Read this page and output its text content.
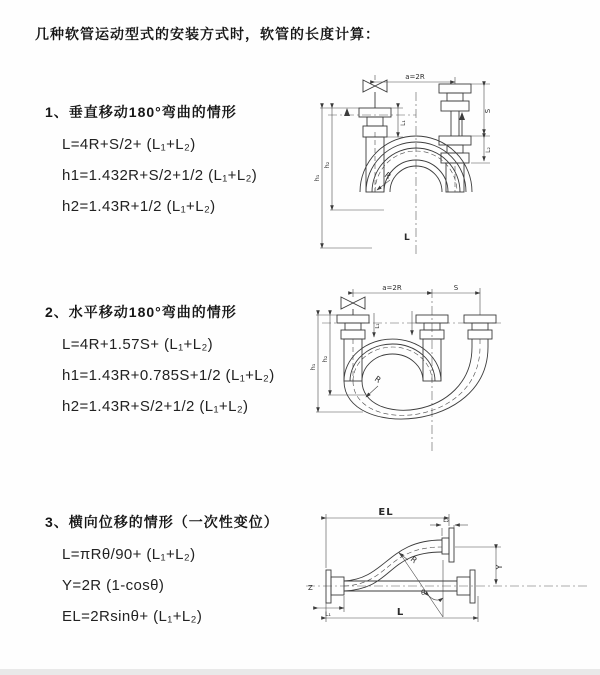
几种软管运动型式的安装方式时，软管的长度计算：
1、垂直移动180°弯曲的情形
L=4R+S/2+ (L₁+L₂)
h1=1.432R+S/2+1/2 (L₁+L₂)
h2=1.43R+1/2 (L₁+L₂)
2、水平移动180°弯曲的情形
L=4R+1.57S+ (L₁+L₂)
h1=1.43R+0.785S+1/2 (L₁+L₂)
h2=1.43R+S/2+1/2 (L₁+L₂)
3、横向位移的情形（一次性变位）
L=πRθ/90+ (L₁+L₂)
Y=2R (1-cosθ)
EL=2Rsinθ+ (L₁+L₂)
a=2R
h₁
h₂
L₁
S
L₂
R
L
a=2R	S
L₁
h₁
h₂
R
Z
EL
L₂
Y
L
L₁
R
θ
